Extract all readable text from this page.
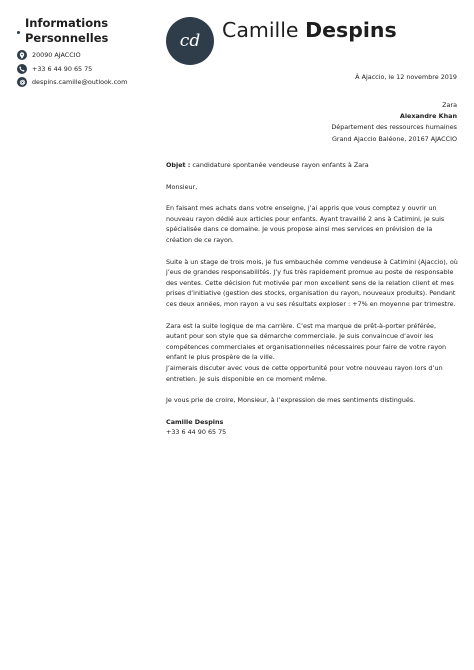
Informations
Personnelles
20090 AJACCIO
+33 6 44 90 65 75
despins.camille@outlook.com
cd	Camille Despins
À Ajaccio, le 12 novembre 2019
Zara
Alexandre Khan
Département des ressources humaines
Grand Ajaccio Baléone, 20167 AJACCIO

Objet : candidature spontanée vendeuse rayon enfants à Zara

Monsieur,

En faisant mes achats dans votre enseigne, j’ai appris que vous comptez y ouvrir un nouveau rayon dédié aux articles pour enfants. Ayant travaillé 2 ans à Catimini, je suis spécialisée dans ce domaine. Je vous propose ainsi mes services en prévision de la création de ce rayon.

Suite à un stage de trois mois, je fus embauchée comme vendeuse à Catimini (Ajaccio), où j’eus de grandes responsabilités. J’y fus très rapidement promue au poste de responsable des ventes. Cette décision fut motivée par mon excellent sens de la relation client et mes prises d’initiative (gestion des stocks, organisation du rayon, nouveaux produits). Pendant ces deux années, mon rayon a vu ses résultats exploser : +7% en moyenne par trimestre.

Zara est la suite logique de ma carrière. C’est ma marque de prêt-à-porter préférée, autant pour son style que sa démarche commerciale. Je suis convaincue d’avoir les compétences commerciales et organisationnelles nécessaires pour faire de votre rayon enfant le plus prospère de la ville.
J’aimerais discuter avec vous de cette opportunité pour votre nouveau rayon lors d’un entretien. Je suis disponible en ce moment même.

Je vous prie de croire, Monsieur, à l’expression de mes sentiments distingués.

Camille Despins

+33 6 44 90 65 75
